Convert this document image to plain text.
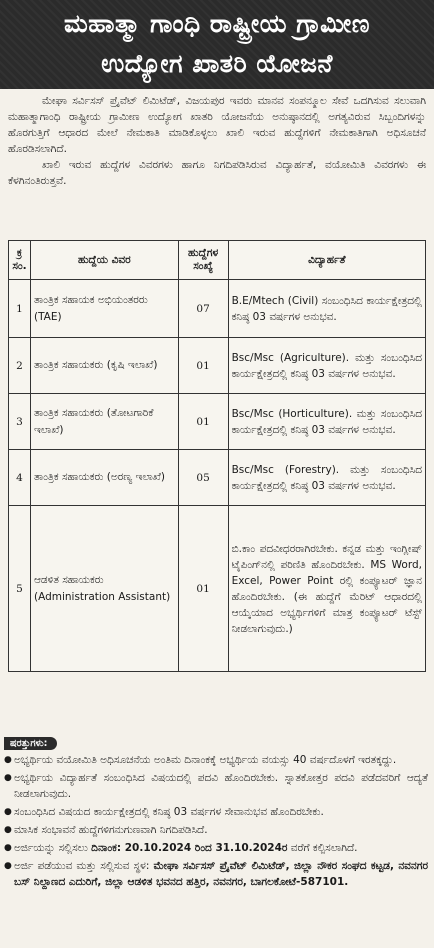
ಮಹಾತ್ಮಾ ಗಾಂಧಿ ರಾಷ್ಟ್ರೀಯ ಗ್ರಾಮೀಣ
ಉದ್ಯೋಗ ಖಾತರಿ ಯೋಜನೆ

ಮೇಘಾ ಸರ್ವಿಸಸ್ ಪ್ರೈವೆಟ್ ಲಿಮಿಟೆಡ್, ವಿಜಯಪುರ ಇವರು ಮಾನವ ಸಂಪನ್ಮೂಲ ಸೇವೆ ಒದಗಿಸುವ ಸಲುವಾಗಿ ಮಹಾತ್ಮಾಗಾಂಧಿ ರಾಷ್ಟ್ರೀಯ ಗ್ರಾಮೀಣ ಉದ್ಯೋಗ ಖಾತರಿ ಯೋಜನೆಯ ಅನುಷ್ಠಾನದಲ್ಲಿ ಅಗತ್ಯವಿರುವ ಸಿಬ್ಬಂದಿಗಳನ್ನು ಹೊರಗುತ್ತಿಗೆ ಆಧಾರದ ಮೇಲೆ ನೇಮಕಾತಿ ಮಾಡಿಕೊಳ್ಳಲು ಖಾಲಿ ಇರುವ ಹುದ್ದೆಗಳಿಗೆ ನೇಮಕಾತಿಗಾಗಿ ಅಧಿಸೂಚನೆ ಹೊರಡಿಸಲಾಗಿದೆ.

ಖಾಲಿ ಇರುವ ಹುದ್ದೆಗಳ ವಿವರಗಳು ಹಾಗೂ ನಿಗದಿಪಡಿಸಿರುವ ವಿದ್ಯಾರ್ಹತೆ, ವಯೋಮಿತಿ ವಿವರಗಳು ಈ ಕೆಳಗಿನಂತಿರುತ್ತವೆ.

ಕ್ರ ಸಂ.	ಹುದ್ದೆಯ ವಿವರ	ಹುದ್ದೆಗಳ ಸಂಖ್ಯೆ	ವಿದ್ಯಾರ್ಹತೆ
1	ತಾಂತ್ರಿಕ ಸಹಾಯಕ ಅಭಿಯಂತರರು (TAE)	07	B.E/Mtech (Civil) ಸಂಬಂಧಿಸಿದ ಕಾರ್ಯಕ್ಷೇತ್ರದಲ್ಲಿ ಕನಿಷ್ಠ 03 ವರ್ಷಗಳ ಅನುಭವ.
2	ತಾಂತ್ರಿಕ ಸಹಾಯಕರು (ಕೃಷಿ ಇಲಾಖೆ)	01	Bsc/Msc (Agriculture). ಮತ್ತು ಸಂಬಂಧಿಸಿದ ಕಾರ್ಯಕ್ಷೇತ್ರದಲ್ಲಿ ಕನಿಷ್ಠ 03 ವರ್ಷಗಳ ಅನುಭವ.
3	ತಾಂತ್ರಿಕ ಸಹಾಯಕರು (ತೋಟಗಾರಿಕೆ ಇಲಾಖೆ)	01	Bsc/Msc (Horticulture). ಮತ್ತು ಸಂಬಂಧಿಸಿದ ಕಾರ್ಯಕ್ಷೇತ್ರದಲ್ಲಿ ಕನಿಷ್ಠ 03 ವರ್ಷಗಳ ಅನುಭವ.
4	ತಾಂತ್ರಿಕ ಸಹಾಯಕರು (ಅರಣ್ಯ ಇಲಾಖೆ)	05	Bsc/Msc (Forestry). ಮತ್ತು ಸಂಬಂಧಿಸಿದ ಕಾರ್ಯಕ್ಷೇತ್ರದಲ್ಲಿ ಕನಿಷ್ಠ 03 ವರ್ಷಗಳ ಅನುಭವ.
5	ಆಡಳಿತ ಸಹಾಯಕರು (Administration Assistant)	01	ಬಿ.ಕಾಂ ಪದವೀಧರರಾಗಿರಬೇಕು. ಕನ್ನಡ ಮತ್ತು ಇಂಗ್ಲೀಷ್ ಟೈಪಿಂಗ್‌ನಲ್ಲಿ ಪರಿಣಿತಿ ಹೊಂದಿರಬೇಕು. MS Word, Excel, Power Point ರಲ್ಲಿ ಕಂಪ್ಯೂಟರ್ ಜ್ಞಾನ ಹೊಂದಿರಬೇಕು. (ಈ ಹುದ್ದೆಗೆ ಮೆರಿಟ್ ಆಧಾರದಲ್ಲಿ ಆಯ್ಕೆಯಾದ ಅಭ್ಯರ್ಥಿಗಳಿಗೆ ಮಾತ್ರ ಕಂಪ್ಯೂಟರ್ ಟೆಸ್ಟ್ ನೀಡಲಾಗುವುದು.)
ಷರತ್ತುಗಳು:
● ಅಭ್ಯರ್ಥಿಯ ವಯೋಮಿತಿ ಅಧಿಸೂಚನೆಯ ಅಂತಿಮ ದಿನಾಂಕಕ್ಕೆ ಅಭ್ಯರ್ಥಿಯ ವಯಸ್ಸು 40 ವರ್ಷದೊಳಗೆ ಇರತಕ್ಕದ್ದು.
● ಅಭ್ಯರ್ಥಿಯ ವಿದ್ಯಾರ್ಹತೆ ಸಂಬಂಧಿಸಿದ ವಿಷಯದಲ್ಲಿ ಪದವಿ ಹೊಂದಿರಬೇಕು. ಸ್ನಾತಕೋತ್ತರ ಪದವಿ ಪಡೆದವರಿಗೆ ಆದ್ಯತೆ ನೀಡಲಾಗುವುದು.
● ಸಂಬಂಧಿಸಿದ ವಿಷಯದ ಕಾರ್ಯಕ್ಷೇತ್ರದಲ್ಲಿ ಕನಿಷ್ಠ 03 ವರ್ಷಗಳ ಸೇವಾನುಭವ ಹೊಂದಿರಬೇಕು.
● ಮಾಸಿಕ ಸಂಭಾವನೆ ಹುದ್ದೆಗಳಿಗನುಗುಣವಾಗಿ ನಿಗದಿಪಡಿಸಿದೆ.
● ಅರ್ಜಿಯನ್ನು ಸಲ್ಲಿಸಲು ದಿನಾಂಕ: 20.10.2024 ರಿಂದ 31.10.2024ರ ವರೆಗೆ ಕಲ್ಪಿಸಲಾಗಿದೆ.
● ಅರ್ಜಿ ಪಡೆಯುವ ಮತ್ತು ಸಲ್ಲಿಸುವ ಸ್ಥಳ: ಮೇಘಾ ಸರ್ವಿಸಸ್ ಪ್ರೈವೆಟ್ ಲಿಮಿಟೆಡ್, ಜಿಲ್ಲಾ ನೌಕರ ಸಂಘದ ಕಟ್ಟಡ, ನವನಗರ ಬಸ್ ನಿಲ್ದಾಣದ ಎದುರಿಗೆ, ಜಿಲ್ಲಾ ಆಡಳಿತ ಭವನದ ಹತ್ತಿರ, ನವನಗರ, ಬಾಗಲಕೋಟೆ-587101.
